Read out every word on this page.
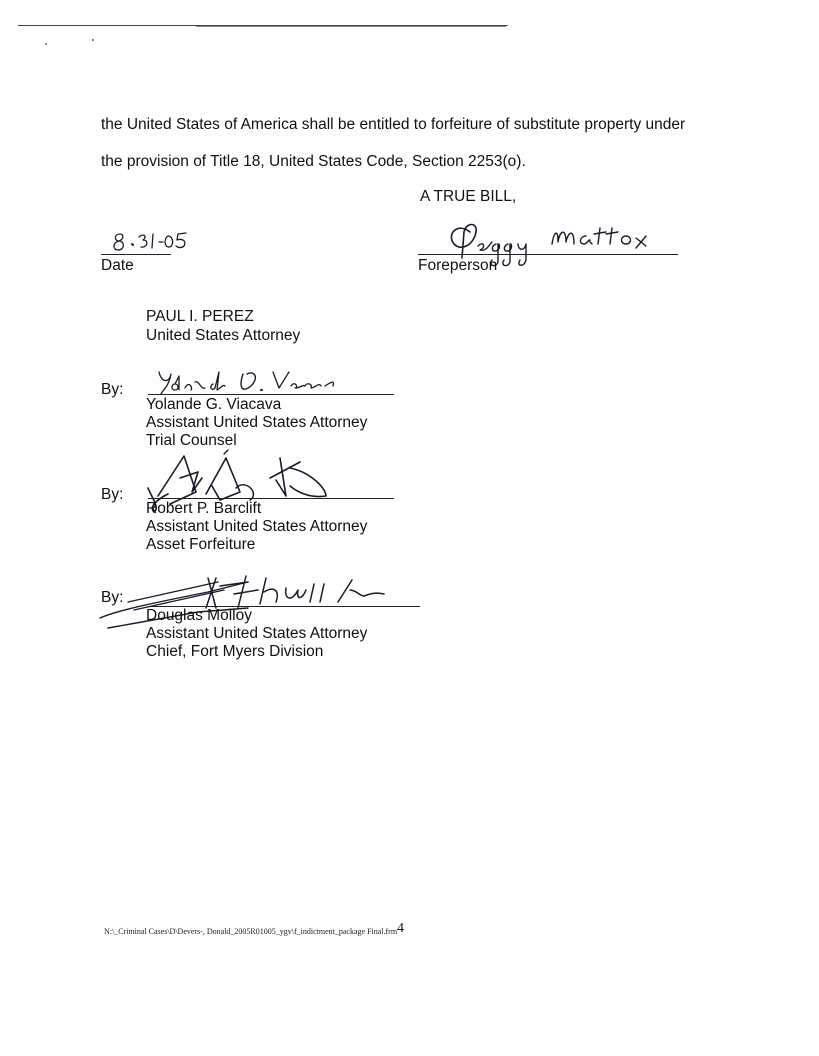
the United States of America shall be entitled to forfeiture of substitute property under
the provision of Title 18, United States Code, Section 2253(o).
A TRUE BILL,
Date	Foreperson
PAUL I. PEREZ
United States Attorney
By:
Yolande G. Viacava
Assistant United States Attorney
Trial Counsel
By:
Robert P. Barclift
Assistant United States Attorney
Asset Forfeiture
By:
Douglas Molloy
Assistant United States Attorney
Chief, Fort Myers Division
N:\_Criminal Cases\D\Devers-, Donald_2005R01005_ygv\f_indictment_package Final.frm 4
